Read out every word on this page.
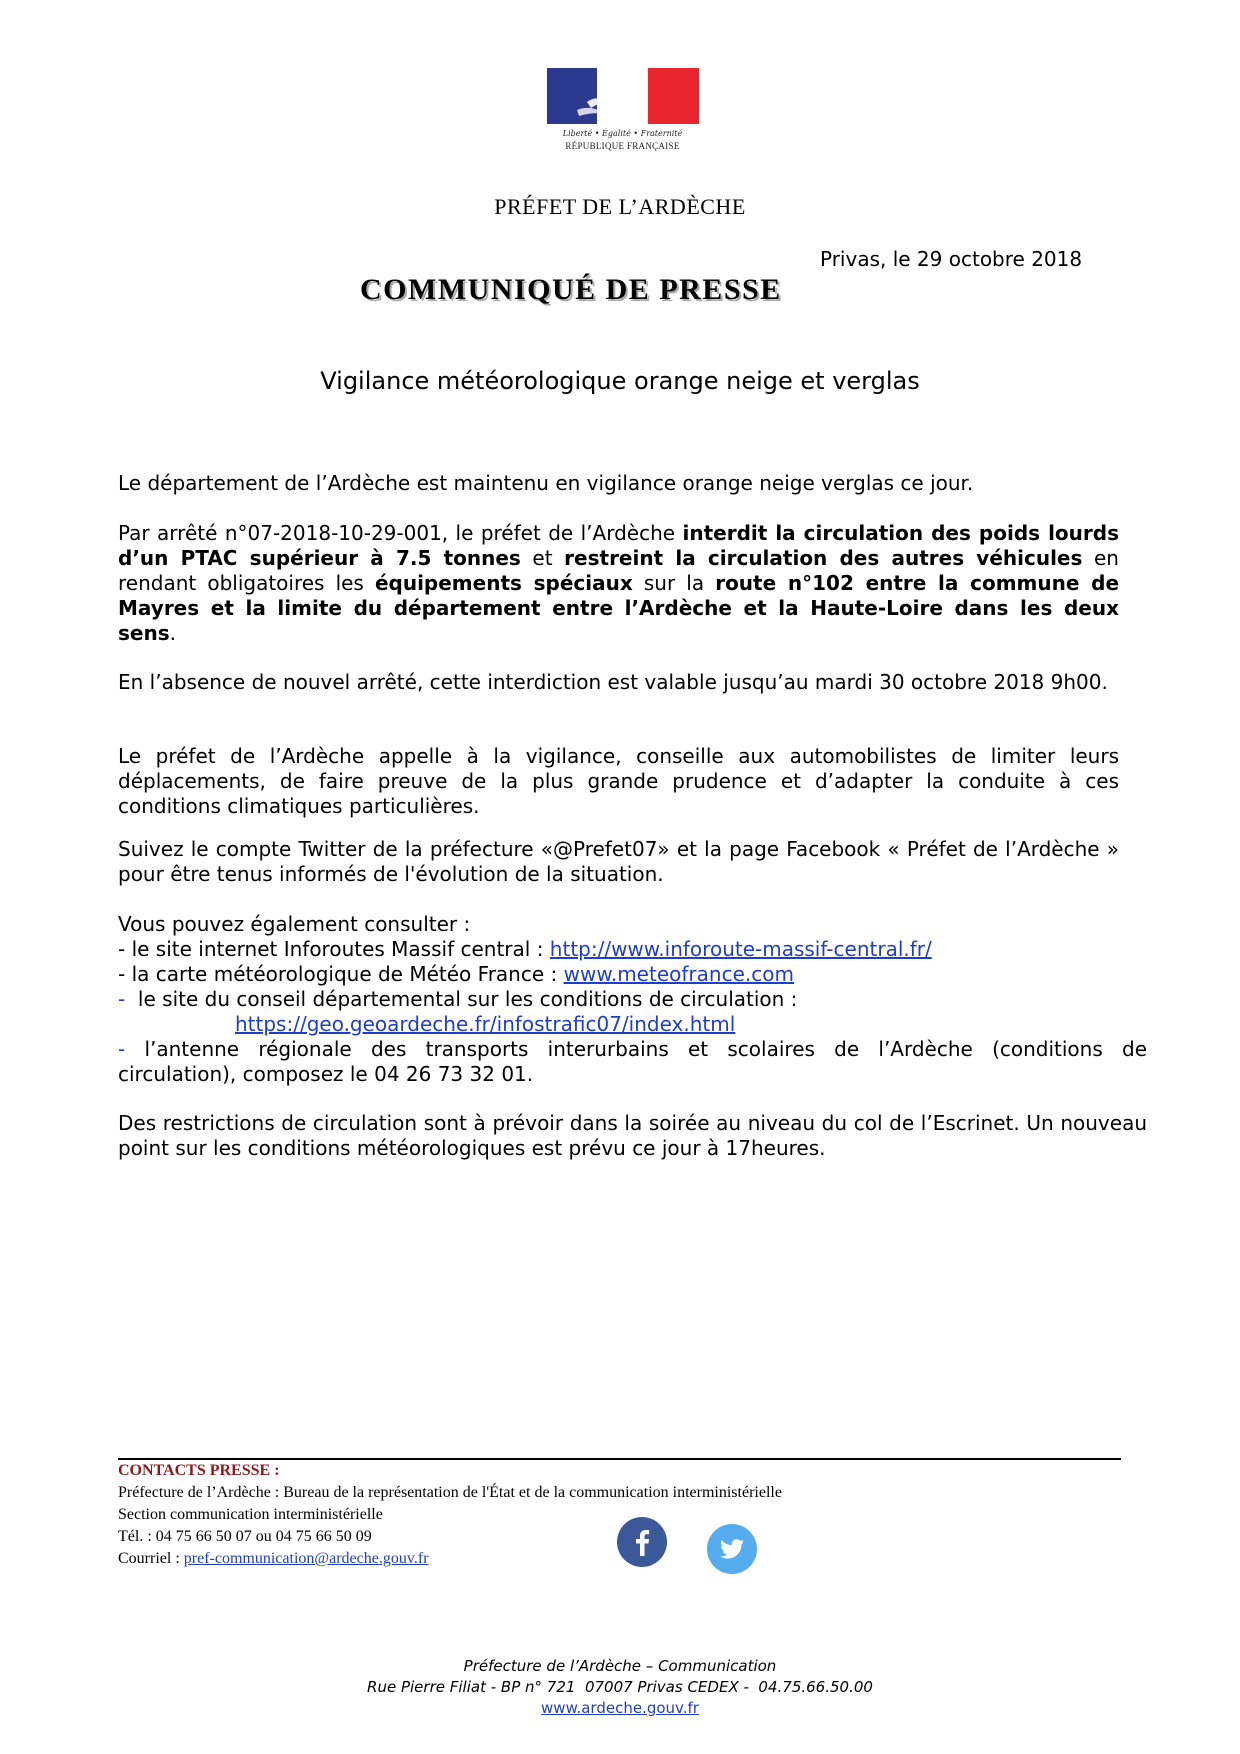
Liberté • Égalité • Fraternité
RÉPUBLIQUE FRANÇAISE
PRÉFET DE L’ARDÈCHE
Privas, le 29 octobre 2018
COMMUNIQUÉ DE PRESSE
Vigilance météorologique orange neige et verglas
Le département de l’Ardèche est maintenu en vigilance orange neige verglas ce jour.
Par arrêté n°07-2018-10-29-001, le préfet de l’Ardèche interdit la circulation des poids lourds d’un PTAC supérieur à 7.5 tonnes et restreint la circulation des autres véhicules en rendant obligatoires les équipements spéciaux sur la route n°102 entre la commune de Mayres et la limite du département entre l’Ardèche et la Haute-Loire dans les deux sens.
En l’absence de nouvel arrêté, cette interdiction est valable jusqu’au mardi 30 octobre 2018 9h00.
Le préfet de l’Ardèche appelle à la vigilance, conseille aux automobilistes de limiter leurs déplacements, de faire preuve de la plus grande prudence et d’adapter la conduite à ces conditions climatiques particulières.
Suivez le compte Twitter de la préfecture «@Prefet07» et la page Facebook « Préfet de l’Ardèche » pour être tenus informés de l'évolution de la situation.
Vous pouvez également consulter :
- le site internet Inforoutes Massif central : http://www.inforoute-massif-central.fr/
- la carte météorologique de Météo France : www.meteofrance.com
-  le site du conseil départemental sur les conditions de circulation :
https://geo.geoardeche.fr/infostrafic07/index.html
- l’antenne régionale des transports interurbains et scolaires de l’Ardèche (conditions de
circulation), composez le 04 26 73 32 01.
Des restrictions de circulation sont à prévoir dans la soirée au niveau du col de l’Escrinet. Un nouveau point sur les conditions météorologiques est prévu ce jour à 17heures.
CONTACTS PRESSE :
Préfecture de l’Ardèche : Bureau de la représentation de l'État et de la communication interministérielle
Section communication interministérielle
Tél. : 04 75 66 50 07 ou 04 75 66 50 09
Courriel : pref-communication@ardeche.gouv.fr
Préfecture de l’Ardèche – Communication
Rue Pierre Filiat - BP n° 721  07007 Privas CEDEX -  04.75.66.50.00
www.ardeche.gouv.fr
